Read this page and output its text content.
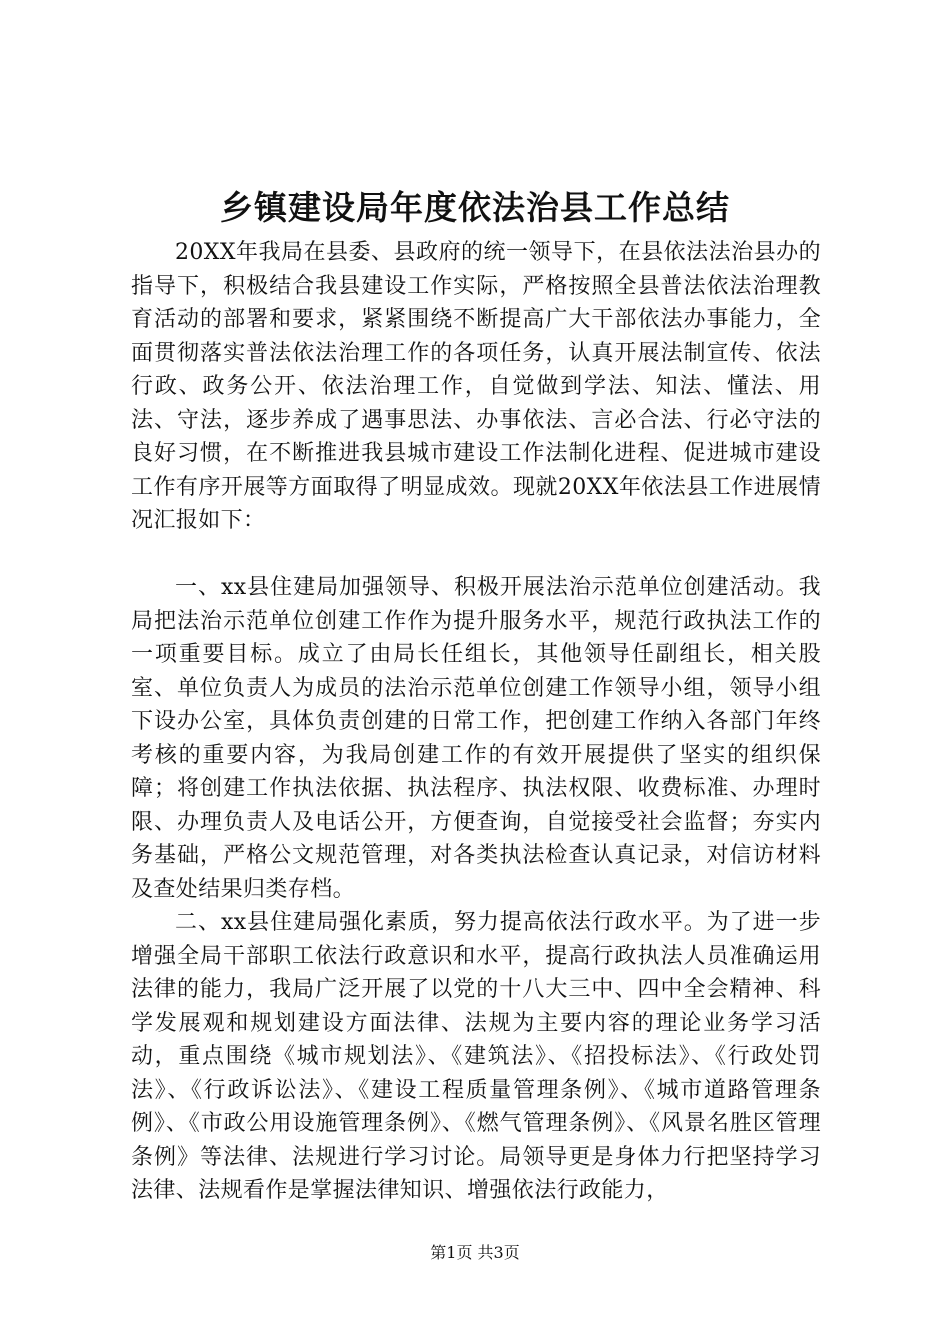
乡镇建设局年度依法治县工作总结

20XX年我局在县委、县政府的统一领导下，在县依法法治县办的指导下，积极结合我县建设工作实际，严格按照全县普法依法治理教育活动的部署和要求，紧紧围绕不断提高广大干部依法办事能力，全面贯彻落实普法依法治理工作的各项任务，认真开展法制宣传、依法行政、政务公开、依法治理工作，自觉做到学法、知法、懂法、用法、守法，逐步养成了遇事思法、办事依法、言必合法、行必守法的良好习惯，在不断推进我县城市建设工作法制化进程、促进城市建设工作有序开展等方面取得了明显成效。现就20XX年依法县工作进展情况汇报如下：

一、xx县住建局加强领导、积极开展法治示范单位创建活动。我局把法治示范单位创建工作作为提升服务水平，规范行政执法工作的一项重要目标。成立了由局长任组长，其他领导任副组长，相关股室、单位负责人为成员的法治示范单位创建工作领导小组，领导小组下设办公室，具体负责创建的日常工作，把创建工作纳入各部门年终考核的重要内容，为我局创建工作的有效开展提供了坚实的组织保障；将创建工作执法依据、执法程序、执法权限、收费标准、办理时限、办理负责人及电话公开，方便查询，自觉接受社会监督；夯实内务基础，严格公文规范管理，对各类执法检查认真记录，对信访材料及查处结果归类存档。

二、xx县住建局强化素质，努力提高依法行政水平。为了进一步增强全局干部职工依法行政意识和水平，提高行政执法人员准确运用法律的能力，我局广泛开展了以党的十八大三中、四中全会精神、科学发展观和规划建设方面法律、法规为主要内容的理论业务学习活动，重点围绕《城市规划法》、《建筑法》、《招投标法》、《行政处罚法》、《行政诉讼法》、《建设工程质量管理条例》、《城市道路管理条例》、《市政公用设施管理条例》、《燃气管理条例》、《风景名胜区管理条例》等法律、法规进行学习讨论。局领导更是身体力行把坚持学习法律、法规看作是掌握法律知识、增强依法行政能力，

第1页 共3页
